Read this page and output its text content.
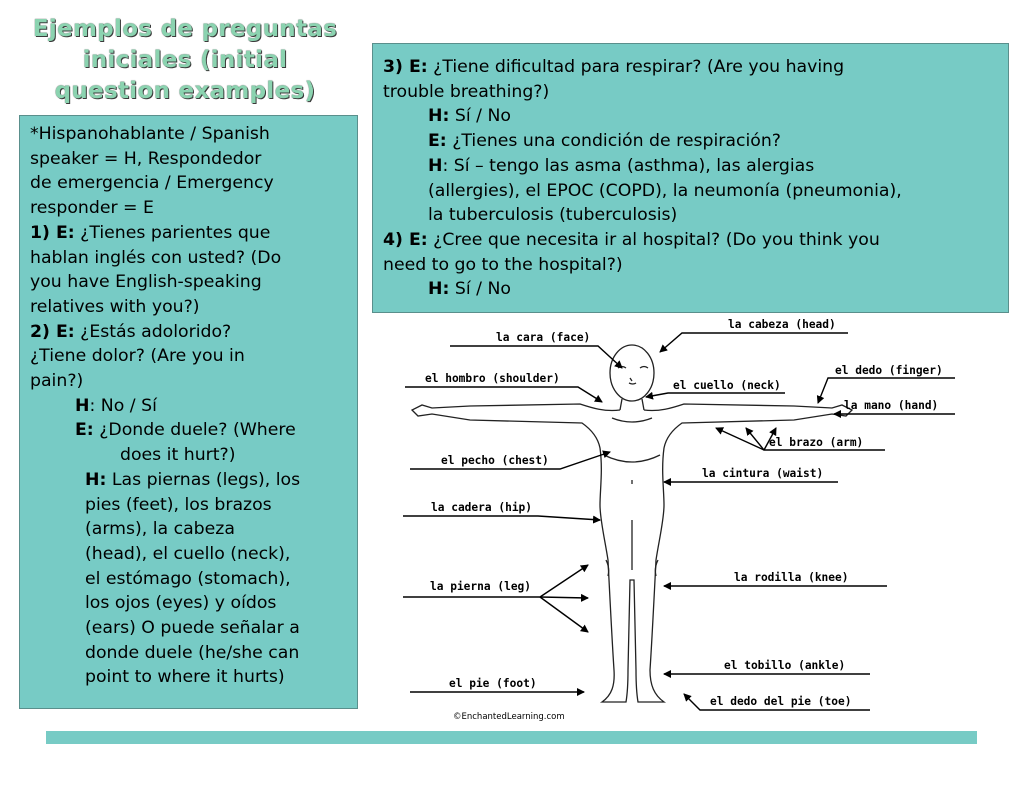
Ejemplos de preguntas
iniciales (initial
question examples)
*Hispanohablante / Spanish
speaker = H, Respondedor
de emergencia / Emergency
responder = E
1) E: ¿Tienes parientes que
hablan inglés con usted? (Do
you have English-speaking
relatives with you?)
2) E: ¿Estás adolorido?
¿Tiene dolor? (Are you in
pain?)
H: No / Sí
E: ¿Donde duele? (Where
does it hurt?)
H: Las piernas (legs), los
pies (feet), los brazos
(arms), la cabeza
(head), el cuello (neck),
el estómago (stomach),
los ojos (eyes) y oídos
(ears) O puede señalar a
donde duele (he/she can
point to where it hurts)
3) E: ¿Tiene dificultad para respirar? (Are you having
trouble breathing?)
H: Sí / No
E: ¿Tienes una condición de respiración?
H: Sí – tengo las asma (asthma), las alergias
(allergies), el EPOC (COPD), la neumonía (pneumonia),
la tuberculosis (tuberculosis)
4) E: ¿Cree que necesita ir al hospital? (Do you think you
need to go to the hospital?)
H: Sí / No
la cara (face)
la cabeza (head)
el hombro (shoulder)
el cuello (neck)
el dedo (finger)
la mano (hand)
el brazo (arm)
el pecho (chest)
la cintura (waist)
la cadera (hip)
la pierna (leg)
la rodilla (knee)
el tobillo (ankle)
el pie (foot)
el dedo del pie (toe)
©EnchantedLearning.com
